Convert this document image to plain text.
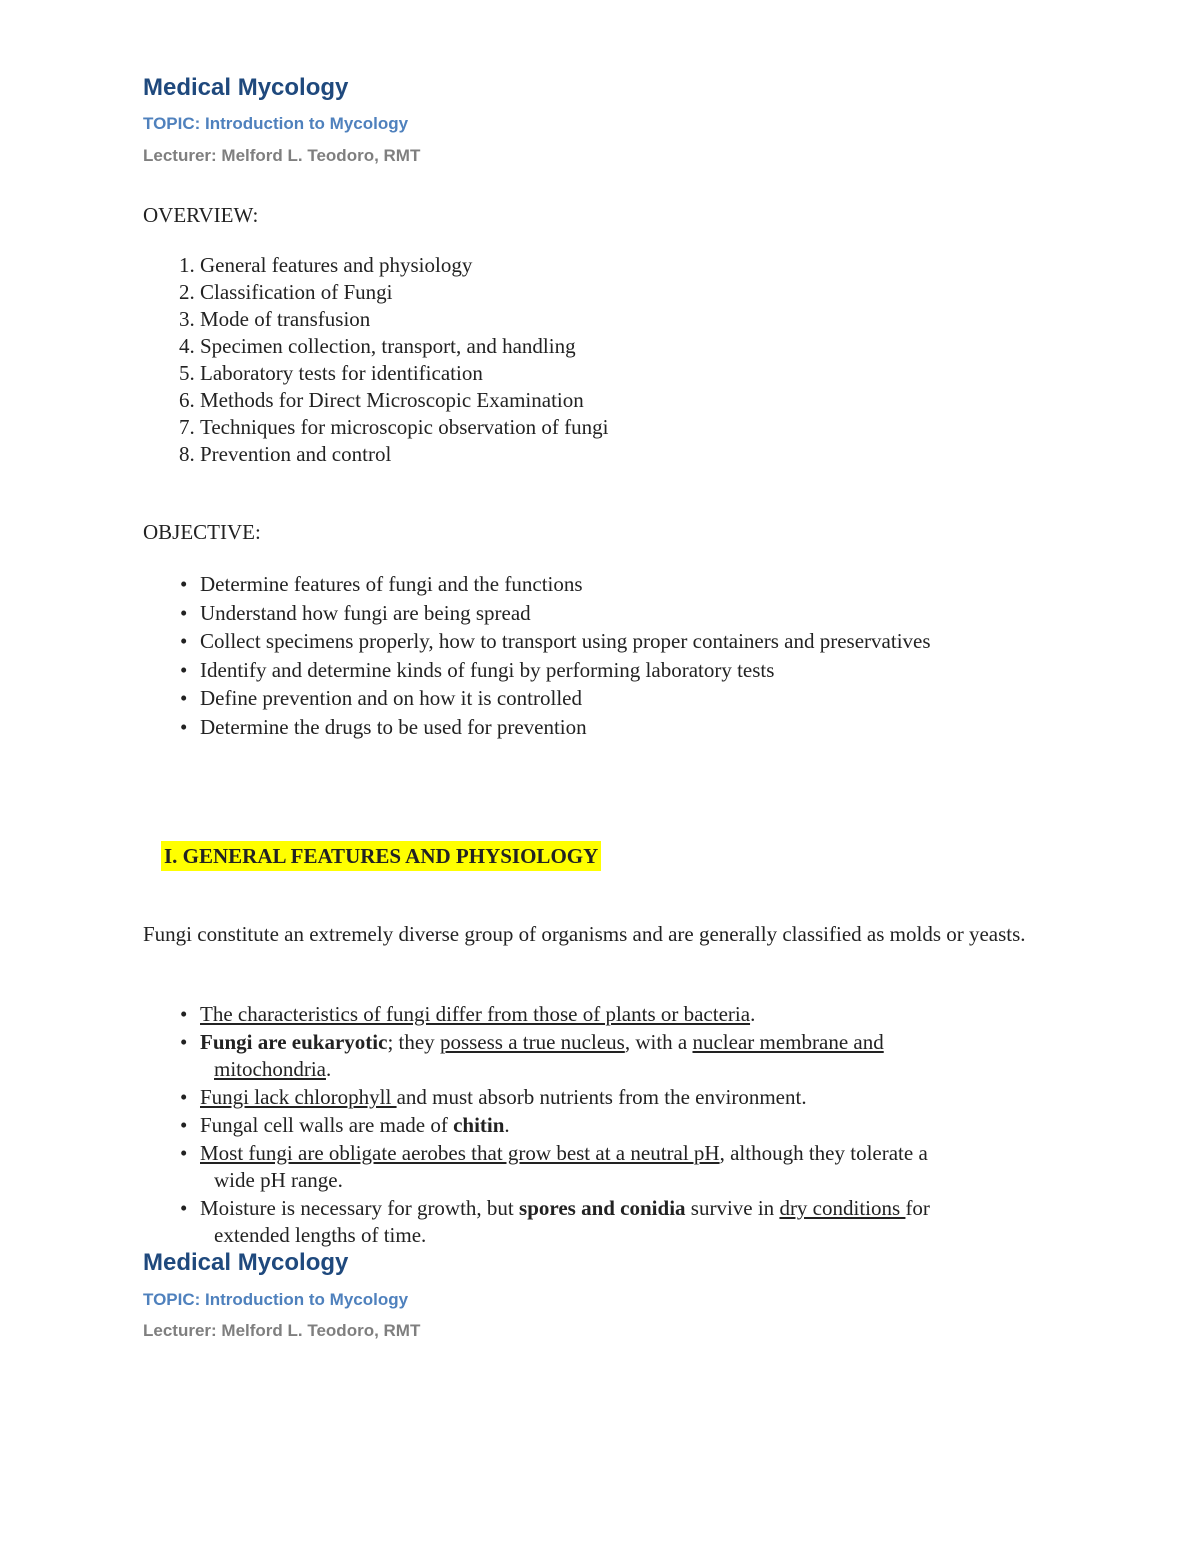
Medical Mycology
TOPIC: Introduction to Mycology
Lecturer: Melford L. Teodoro, RMT
OVERVIEW:
1. General features and physiology
2. Classification of Fungi
3. Mode of transfusion
4. Specimen collection, transport, and handling
5. Laboratory tests for identification
6. Methods for Direct Microscopic Examination
7. Techniques for microscopic observation of fungi
8. Prevention and control
OBJECTIVE:
• Determine features of fungi and the functions
• Understand how fungi are being spread
• Collect specimens properly, how to transport using proper containers and preservatives
• Identify and determine kinds of fungi by performing laboratory tests
• Define prevention and on how it is controlled
• Determine the drugs to be used for prevention
I. GENERAL FEATURES AND PHYSIOLOGY

Fungi constitute an extremely diverse group of organisms and are generally classified as molds or yeasts.

• The characteristics of fungi differ from those of plants or bacteria.
• Fungi are eukaryotic; they possess a true nucleus, with a nuclear membrane and
mitochondria.
• Fungi lack chlorophyll and must absorb nutrients from the environment.
• Fungal cell walls are made of chitin.
• Most fungi are obligate aerobes that grow best at a neutral pH, although they tolerate a
wide pH range.
• Moisture is necessary for growth, but spores and conidia survive in dry conditions for
extended lengths of time.
Medical Mycology
TOPIC: Introduction to Mycology
Lecturer: Melford L. Teodoro, RMT
